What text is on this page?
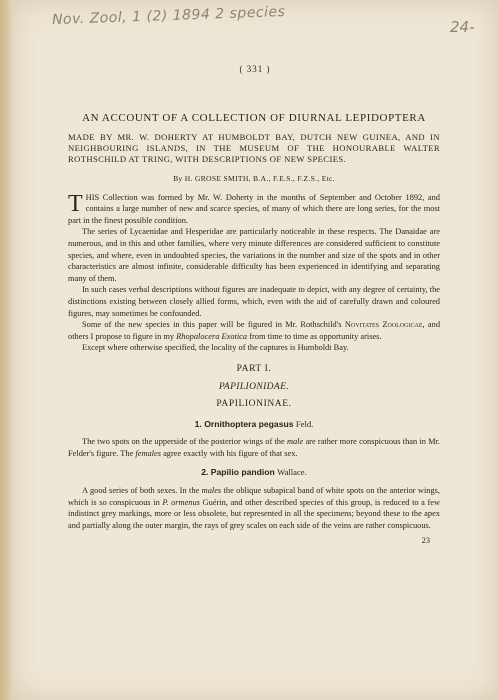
Nov. Zool, 1 (2) 1894 2 species	24-
( 331 )
AN ACCOUNT OF A COLLECTION OF DIURNAL LEPIDOPTERA
MADE BY MR. W. DOHERTY AT HUMBOLDT BAY, DUTCH NEW GUINEA, AND IN NEIGHBOURING ISLANDS, IN THE MUSEUM OF THE HONOURABLE WALTER ROTHSCHILD AT TRING, WITH DESCRIPTIONS OF NEW SPECIES.
By H. GROSE SMITH, B.A., F.E.S., F.Z.S., Etc.

THIS Collection was formed by Mr. W. Doherty in the months of September and October 1892, and contains a large number of new and scarce species, of many of which there are long series, for the most part in the finest possible condition.

The series of Lycaenidae and Hesperidae are particularly noticeable in these respects. The Danaidae are numerous, and in this and other families, where very minute differences are considered sufficient to constitute species, and where, even in undoubted species, the variations in the number and size of the spots and in other characteristics are almost infinite, considerable difficulty has been experienced in identifying and separating many of them.

In such cases verbal descriptions without figures are inadequate to depict, with any degree of certainty, the distinctions existing between closely allied forms, which, even with the aid of carefully drawn and coloured figures, may sometimes be confounded.

Some of the new species in this paper will be figured in Mr. Rothschild's Novitates Zoologicae, and others I propose to figure in my Rhopalocera Exotica from time to time as opportunity arises.

Except where otherwise specified, the locality of the captures is Humboldt Bay.

PART I.
PAPILIONIDAE.
PAPILIONINAE.
1. Ornithoptera pegasus Feld.

The two spots on the upperside of the posterior wings of the male are rather more conspicuous than in Mr. Felder's figure. The females agree exactly with his figure of that sex.

2. Papilio pandion Wallace.

A good series of both sexes. In the males the oblique subapical band of white spots on the anterior wings, which is so conspicuous in P. ormenus Guérin, and other described species of this group, is reduced to a few indistinct grey markings, more or less obsolete, but represented in all the specimens; beyond these to the apex and partially along the outer margin, the rays of grey scales on each side of the veins are rather conspicuous.

23
